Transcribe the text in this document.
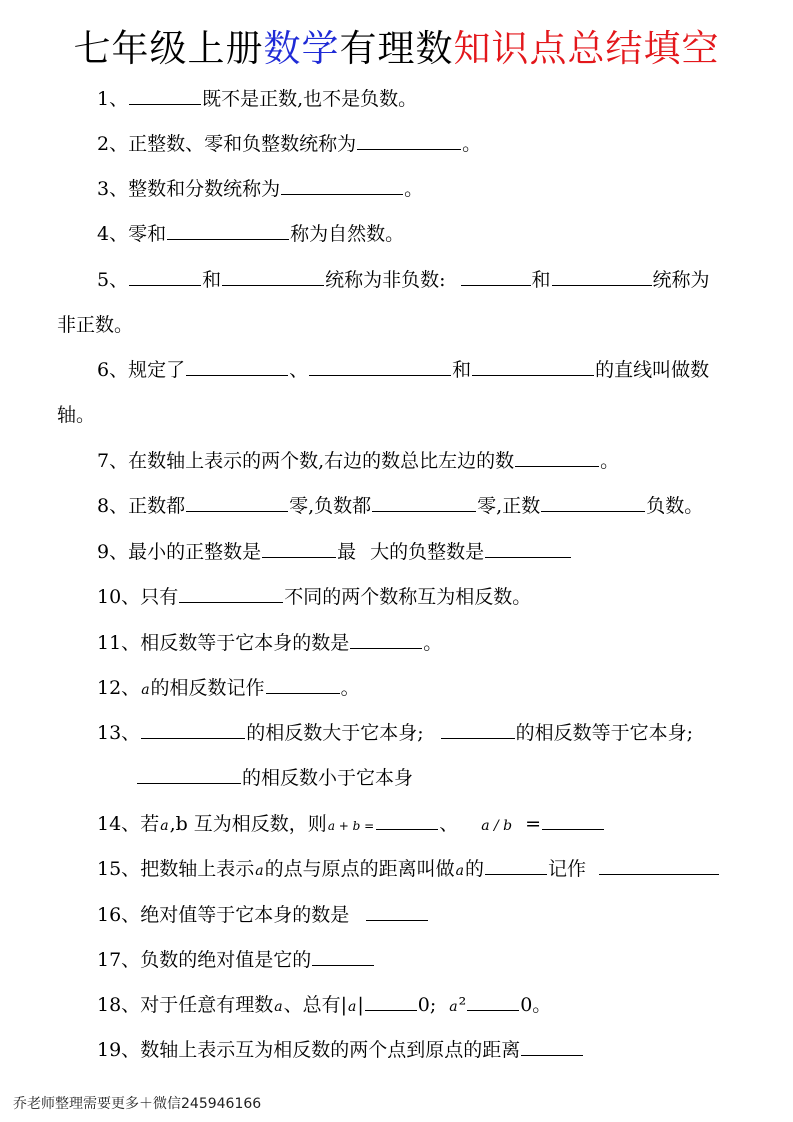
七年级上册数学有理数知识点总结填空
1、	既不是正数,也不是负数。
2、正整数、零和负整数统称为	。
3、整数和分数统称为	。
4、零和	称为自然数。
5、	和	统称为非负数:	和	统称为
非正数。
6、规定了	、	和	的直线叫做数
轴。
7、在数轴上表示的两个数,右边的数总比左边的数	。
8、正数都	零,负数都	零,正数	负数。
9、最小的正整数是	最 大的负整数是
10、只有	不同的两个数称互为相反数。
11、相反数等于它本身的数是	。
12、a的相反数记作	。
13、	的相反数大于它本身;	的相反数等于它本身;
的相反数小于它本身
14、若a,b 互为相反数，则a + b =	、 a / b =
15、把数轴上表示a的点与原点的距离叫做a的	记作
16、绝对值等于它本身的数是
17、负数的绝对值是它的
18、对于任意有理数a、总有|a|	0; a²	0。
19、数轴上表示互为相反数的两个点到原点的距离
乔老师整理需要更多＋微信245946166
